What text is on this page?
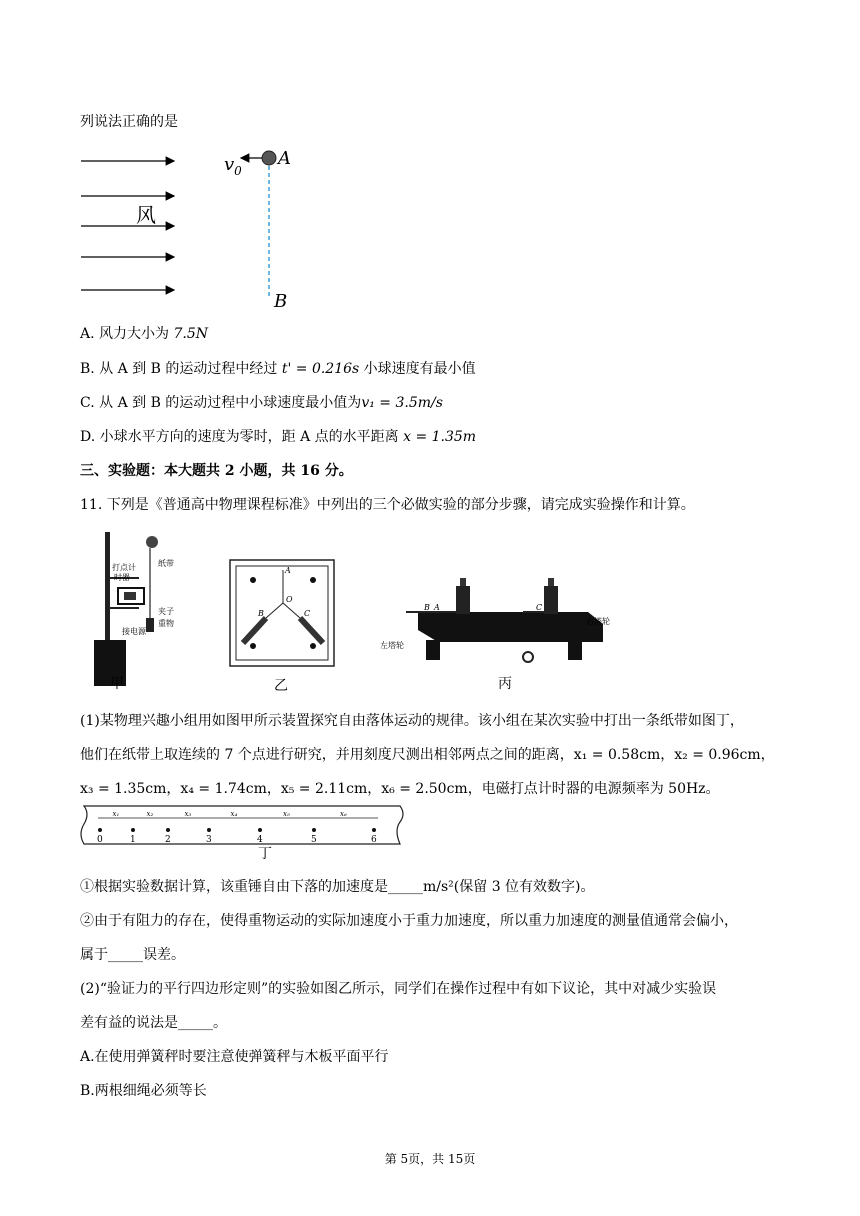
列说法正确的是
风
$v_0$
A
B
A. 风力大小为 7.5N
B. 从 A 到 B 的运动过程中经过 t' = 0.216s 小球速度有最小值
C. 从 A 到 B 的运动过程中小球速度最小值为v₁ = 3.5m/s
D. 小球水平方向的速度为零时，距 A 点的水平距离 x = 1.35m
三、实验题：本大题共 2 小题，共 16 分。
11. 下列是《普通高中物理课程标准》中列出的三个必做实验的部分步骤，请完成实验操作和计算。
纸带
打点计
时器
夹子
重物
接电源
甲
A
O
B	C
乙
B A	C
左塔轮
右塔轮
丙
(1)某物理兴趣小组用如图甲所示装置探究自由落体运动的规律。该小组在某次实验中打出一条纸带如图丁，
他们在纸带上取连续的 7 个点进行研究，并用刻度尺测出相邻两点之间的距离，x₁ = 0.58cm，x₂ = 0.96cm，
x₃ = 1.35cm，x₄ = 1.74cm，x₅ = 2.11cm，x₆ = 2.50cm，电磁打点计时器的电源频率为 50Hz。
0	1	2	3	4	5	6
x₁	x₂	x₃	x₄	x₅	x₆
丁
①根据实验数据计算，该重锤自由下落的加速度是_____m/s²(保留 3 位有效数字)。
②由于有阻力的存在，使得重物运动的实际加速度小于重力加速度，所以重力加速度的测量值通常会偏小，
属于_____误差。
(2)“验证力的平行四边形定则”的实验如图乙所示，同学们在操作过程中有如下议论，其中对减少实验误
差有益的说法是_____。
A.在使用弹簧秤时要注意使弹簧秤与木板平面平行
B.两根细绳必须等长
第 5页，共 15页
